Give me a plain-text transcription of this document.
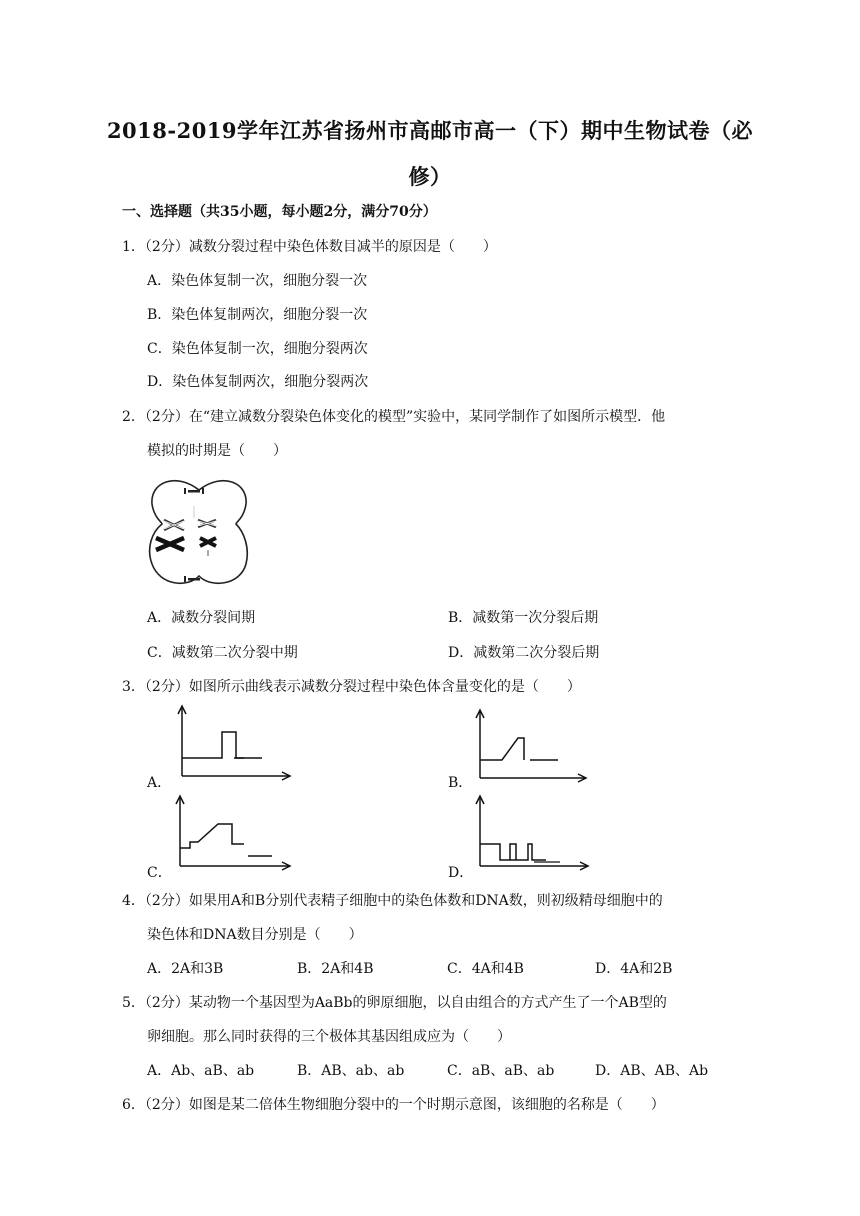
2018-2019学年江苏省扬州市高邮市高一（下）期中生物试卷（必
修）
一、选择题（共35小题，每小题2分，满分70分）
1．（2分）减数分裂过程中染色体数目减半的原因是（　　）
A．染色体复制一次，细胞分裂一次
B．染色体复制两次，细胞分裂一次
C．染色体复制一次，细胞分裂两次
D．染色体复制两次，细胞分裂两次
2．（2分）在“建立减数分裂染色体变化的模型”实验中，某同学制作了如图所示模型．他
模拟的时期是（　　）
A．减数分裂间期	B．减数第一次分裂后期
C．减数第二次分裂中期	D．减数第二次分裂后期
3．（2分）如图所示曲线表示减数分裂过程中染色体含量变化的是（　　）
A．	B．
C．	D．
4．（2分）如果用A和B分别代表精子细胞中的染色体数和DNA数，则初级精母细胞中的
染色体和DNA数目分别是（　　）
A．2A和3B	B．2A和4B	C．4A和4B	D．4A和2B
5．（2分）某动物一个基因型为AaBb的卵原细胞，以自由组合的方式产生了一个AB型的
卵细胞。那么同时获得的三个极体其基因组成应为（　　）
A．Ab、aB、ab	B．AB、ab、ab	C．aB、aB、ab	D．AB、AB、Ab
6．（2分）如图是某二倍体生物细胞分裂中的一个时期示意图，该细胞的名称是（　　）
